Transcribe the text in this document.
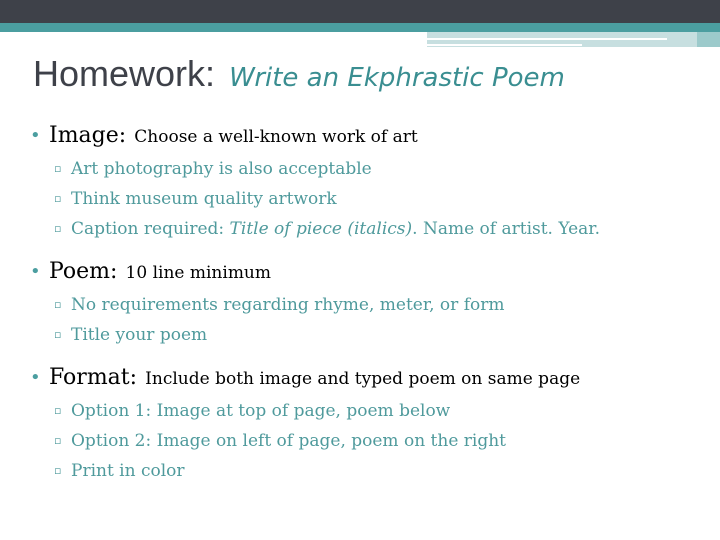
Homework: Write an Ekphrastic Poem
• Image: Choose a well-known work of art
▫ Art photography is also acceptable
▫ Think museum quality artwork
▫ Caption required: Title of piece (italics). Name of artist. Year.
• Poem: 10 line minimum
▫ No requirements regarding rhyme, meter, or form
▫ Title your poem
• Format: Include both image and typed poem on same page
▫ Option 1: Image at top of page, poem below
▫ Option 2: Image on left of page, poem on the right
▫ Print in color
